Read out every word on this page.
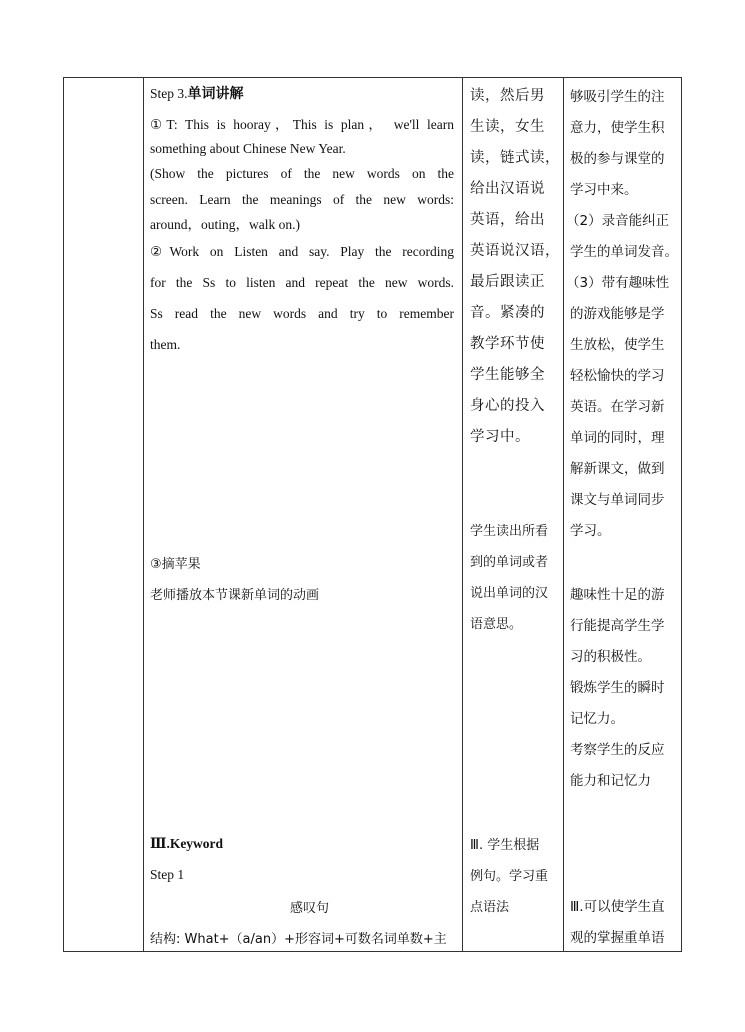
Step 3.单词讲解
①T: This is hooray，This is plan， we'll learn
something about Chinese New Year.
(Show the pictures of the new words on the
screen. Learn the meanings of the new words:
around，outing，walk on.)
②Work on Listen and say. Play the recording
for the Ss to listen and repeat the new words.
Ss read the new words and try to remember
them.
③摘苹果
老师播放本节课新单词的动画
Ⅲ.Keyword
Step 1
感叹句
结构: What+（a/an）+形容词+可数名词单数+主
读，然后男
生读，女生
读，链式读，
给出汉语说
英语，给出
英语说汉语，
最后跟读正
音。紧凑的
教学环节使
学生能够全
身心的投入
学习中。
学生读出所看
到的单词或者
说出单词的汉
语意思。
Ⅲ. 学生根据
例句。学习重
点语法
够吸引学生的注
意力，使学生积
极的参与课堂的
学习中来。
（2）录音能纠正
学生的单词发音。
（3）带有趣味性
的游戏能够是学
生放松，使学生
轻松愉快的学习
英语。在学习新
单词的同时，理
解新课文，做到
课文与单词同步
学习。
趣味性十足的游
行能提高学生学
习的积极性。
锻炼学生的瞬时
记忆力。
考察学生的反应
能力和记忆力
Ⅲ.可以使学生直
观的掌握重单语
